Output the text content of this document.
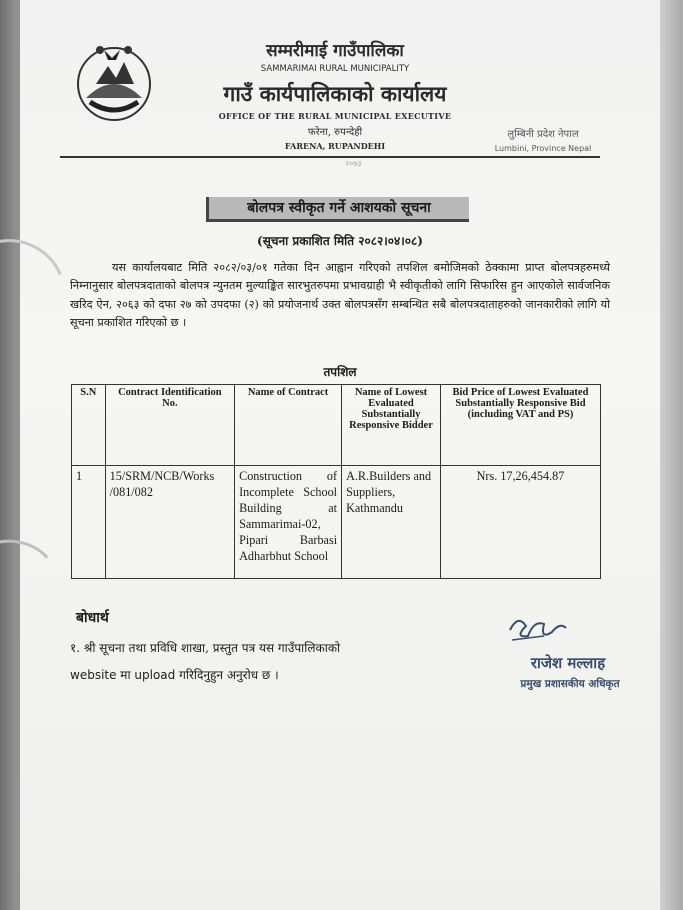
सम्मरीमाई गाउँपालिका
SAMMARIMAI RURAL MUNICIPALITY
गाउँ कार्यपालिकाको कार्यालय
OFFICE OF THE RURAL MUNICIPAL EXECUTIVE
फरेना, रुपन्देही
FARENA, RUPANDEHI
लुम्बिनी प्रदेश नेपाल
Lumbini, Province Nepal
२०७३
बोलपत्र स्वीकृत गर्ने आशयको सूचना
(सूचना प्रकाशित मिति २०८२।०४।०८)
यस कार्यालयबाट मिति २०८२/०३/०१ गतेका दिन आह्वान गरिएको तपशिल बमोजिमको ठेक्कामा प्राप्त बोलपत्रहरुमध्ये निम्नानुसार बोलपत्रदाताको बोलपत्र न्युनतम मुल्याङ्कित सारभुतरुपमा प्रभावग्राही भै स्वीकृतीको लागि सिफारिस हुन आएकोले सार्वजनिक खरिद ऐन, २०६३ को दफा २७ को उपदफा (२) को प्रयोजनार्थ उक्त बोलपत्रसँग सम्बन्धित सबै बोलपत्रदाताहरुको जानकारीको लागि यो सूचना प्रकाशित गरिएको छ ।
तपशिल
S.N	Contract Identification No.	Name of Contract	Name of Lowest Evaluated Substantially Responsive Bidder	Bid Price of Lowest Evaluated Substantially Responsive Bid (including VAT and PS)
1	15/SRM/NCB/Works /081/082	Construction of Incomplete School Building at Sammarimai-02, Pipari Barbasi Adharbhut School	A.R.Builders and Suppliers, Kathmandu	Nrs. 17,26,454.87
बोधार्थ
१. श्री सूचना तथा प्रविधि शाखा, प्रस्तुत पत्र यस गाउँपालिकाको
website मा upload गरिदिनुहुन अनुरोध छ ।
राजेश मल्लाह
प्रमुख प्रशासकीय अधिकृत
